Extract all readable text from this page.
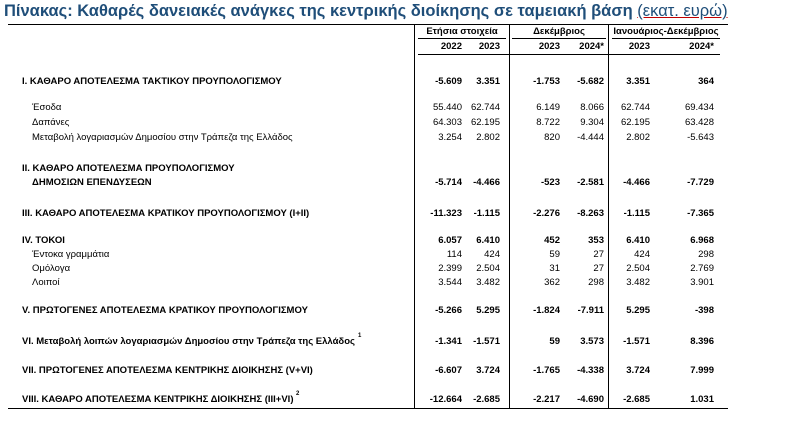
Πίνακας: Καθαρές δανειακές ανάγκες της κεντρικής διοίκησης σε ταμειακή βάση (εκατ. ευρώ)
Ετήσια στοιχεία	Δεκέμβριος	Ιανουάριος-Δεκέμβριος
2022	2023	2023	2024*	2023	2024*
I. ΚΑΘΑΡΟ ΑΠΟΤΕΛΕΣΜΑ ΤΑΚΤΙΚΟΥ ΠΡΟΥΠΟΛΟΓΙΣΜΟΥ	-5.609	3.351	-1.753	-5.682	3.351	364
Έσοδα	55.440 62.744	6.149	8.066	62.744	69.434
Δαπάνες	64.303 62.195	8.722	9.304	62.195	63.428
Μεταβολή λογαριασμών Δημοσίου στην Τράπεζα της Ελλάδος	3.254	2.802	820	-4.444	2.802	-5.643
II. ΚΑΘΑΡΟ ΑΠΟΤΕΛΕΣΜΑ ΠΡΟΥΠΟΛΟΓΙΣΜΟΥ
ΔΗΜΟΣΙΩΝ ΕΠΕΝΔΥΣΕΩΝ	-5.714	-4.466	-523	-2.581	-4.466	-7.729
III. ΚΑΘΑΡΟ ΑΠΟΤΕΛΕΣΜΑ ΚΡΑΤΙΚΟΥ ΠΡΟΥΠΟΛΟΓΙΣΜΟΥ (I+II)	-11.323	-1.115	-2.276	-8.263	-1.115	-7.365
IV. ΤΟΚΟΙ	6.057	6.410	452	353	6.410	6.968
Έντοκα γραμμάτια	114	424	59	27	424	298
Ομόλογα	2.399	2.504	31	27	2.504	2.769
Λοιποί	3.544	3.482	362	298	3.482	3.901
V. ΠΡΩΤΟΓΕΝΕΣ ΑΠΟΤΕΛΕΣΜΑ ΚΡΑΤΙΚΟΥ ΠΡΟΥΠΟΛΟΓΙΣΜΟΥ	-5.266	5.295	-1.824	-7.911	5.295	-398
VI. Μεταβολή λοιπών λογαριασμών Δημοσίου στην Τράπεζα της Ελλάδος 1	-1.341	-1.571	59	3.573	-1.571	8.396
VII. ΠΡΩΤΟΓΕΝΕΣ ΑΠΟΤΕΛΕΣΜΑ ΚΕΝΤΡΙΚΗΣ ΔΙΟΙΚΗΣΗΣ (V+VI)	-6.607	3.724	-1.765	-4.338	3.724	7.999
VIII. ΚΑΘΑΡΟ ΑΠΟΤΕΛΕΣΜΑ ΚΕΝΤΡΙΚΗΣ ΔΙΟΙΚΗΣΗΣ (III+VI) 2	-12.664	-2.685	-2.217	-4.690	-2.685	1.031
